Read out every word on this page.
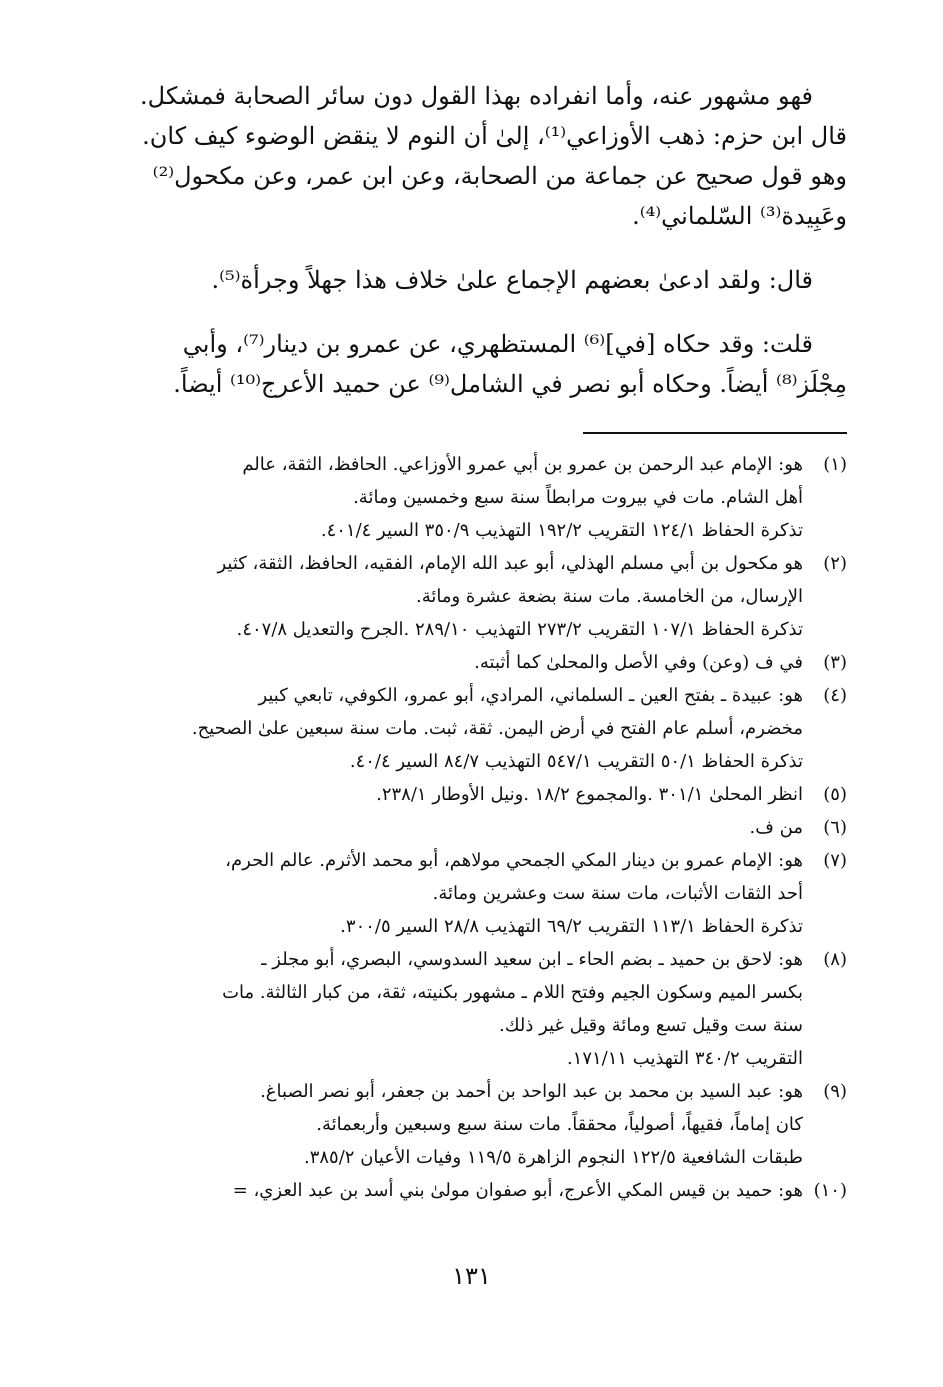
فهو مشهور عنه، وأما انفراده بهذا القول دون سائر الصحابة فمشكل.
قال ابن حزم: ذهب الأوزاعي⁽¹⁾، إلىٰ أن النوم لا ينقض الوضوء كيف كان.
وهو قول صحيح عن جماعة من الصحابة، وعن ابن عمر، وعن مكحول⁽²⁾
وعَبِيدة⁽³⁾ السّلماني⁽⁴⁾.
قال: ولقد ادعىٰ بعضهم الإجماع علىٰ خلاف هذا جهلاً وجرأة⁽⁵⁾.
قلت: وقد حكاه [في]⁽⁶⁾ المستظهري، عن عمرو بن دينار⁽⁷⁾، وأبي
مِجْلَز⁽⁸⁾ أيضاً. وحكاه أبو نصر في الشامل⁽⁹⁾ عن حميد الأعرج⁽¹⁰⁾ أيضاً.
(١)
هو: الإمام عبد الرحمن بن عمرو بن أبي عمرو الأوزاعي. الحافظ، الثقة، عالم
أهل الشام. مات في بيروت مرابطاً سنة سبع وخمسين ومائة.
تذكرة الحفاظ ١٢٤/١ التقريب ١٩٢/٢ التهذيب ٣٥٠/٩ السير ٤٠١/٤.
(٢)
هو مكحول بن أبي مسلم الهذلي، أبو عبد الله الإمام، الفقيه، الحافظ، الثقة، كثير
الإرسال، من الخامسة. مات سنة بضعة عشرة ومائة.
تذكرة الحفاظ ١٠٧/١ التقريب ٢٧٣/٢ التهذيب ٢٨٩/١٠ .الجرح والتعديل ٤٠٧/٨.
(٣)
في ف (وعن) وفي الأصل والمحلىٰ كما أثبته.
(٤)
هو: عبيدة ـ بفتح العين ـ السلماني، المرادي، أبو عمرو، الكوفي، تابعي كبير
مخضرم، أسلم عام الفتح في أرض اليمن. ثقة، ثبت. مات سنة سبعين علىٰ الصحيح.
تذكرة الحفاظ ٥٠/١ التقريب ٥٤٧/١ التهذيب ٨٤/٧ السير ٤٠/٤.
(٥)
انظر المحلىٰ ٣٠١/١ .والمجموع ١٨/٢ .ونيل الأوطار ٢٣٨/١.
(٦)
من ف.
(٧)
هو: الإمام عمرو بن دينار المكي الجمحي مولاهم، أبو محمد الأثرم. عالم الحرم،
أحد الثقات الأثبات، مات سنة ست وعشرين ومائة.
تذكرة الحفاظ ١١٣/١ التقريب ٦٩/٢ التهذيب ٢٨/٨ السير ٣٠٠/٥.
(٨)
هو: لاحق بن حميد ـ بضم الحاء ـ ابن سعيد السدوسي، البصري، أبو مجلز ـ
بكسر الميم وسكون الجيم وفتح اللام ـ مشهور بكنيته، ثقة، من كبار الثالثة. مات
سنة ست وقيل تسع ومائة وقيل غير ذلك.
التقريب ٣٤٠/٢ التهذيب ١٧١/١١.
(٩)
هو: عبد السيد بن محمد بن عبد الواحد بن أحمد بن جعفر، أبو نصر الصباغ.
كان إماماً، فقيهاً، أصولياً، محققاً. مات سنة سبع وسبعين وأربعمائة.
طبقات الشافعية ١٢٢/٥ النجوم الزاهرة ١١٩/٥ وفيات الأعيان ٣٨٥/٢.
(١٠)
هو: حميد بن قيس المكي الأعرج، أبو صفوان مولىٰ بني أسد بن عبد العزي، =
١٣١
